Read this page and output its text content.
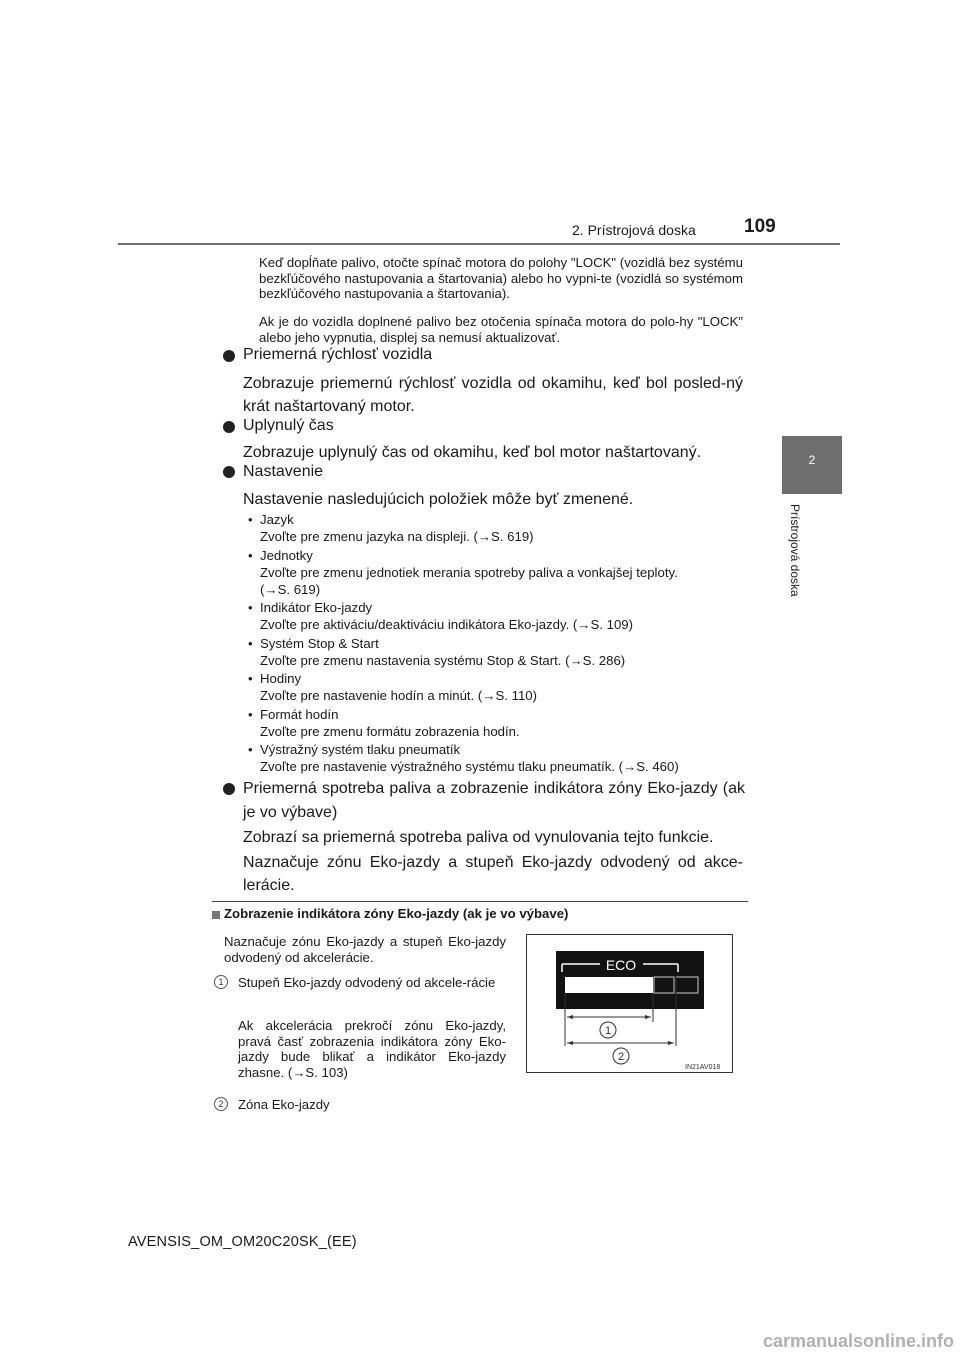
2. Prístrojová doska	109
2
Prístrojová doska
Keď dopĺňate palivo, otočte spínač motora do polohy "LOCK" (vozidlá bez systému bezkľúčového nastupovania a štartovania) alebo ho vypni-te (vozidlá so systémom bezkľúčového nastupovania a štartovania).
Ak je do vozidla doplnené palivo bez otočenia spínača motora do polo-hy "LOCK" alebo jeho vypnutia, displej sa nemusí aktualizovať.
Priemerná rýchlosť vozidla
Zobrazuje priemernú rýchlosť vozidla od okamihu, keď bol posled-ný krát naštartovaný motor.
Uplynulý čas
Zobrazuje uplynulý čas od okamihu, keď bol motor naštartovaný.
Nastavenie
Nastavenie nasledujúcich položiek môže byť zmenené.
• Jazyk
Zvoľte pre zmenu jazyka na displeji. (→S. 619)
• Jednotky
Zvoľte pre zmenu jednotiek merania spotreby paliva a vonkajšej teploty.
(→S. 619)
• Indikátor Eko-jazdy
Zvoľte pre aktiváciu/deaktiváciu indikátora Eko-jazdy. (→S. 109)
• Systém Stop & Start
Zvoľte pre zmenu nastavenia systému Stop & Start. (→S. 286)
• Hodiny
Zvoľte pre nastavenie hodín a minút. (→S. 110)
• Formát hodín
Zvoľte pre zmenu formátu zobrazenia hodín.
• Výstražný systém tlaku pneumatík
Zvoľte pre nastavenie výstražného systému tlaku pneumatík. (→S. 460)
Priemerná spotreba paliva a zobrazenie indikátora zóny Eko-jazdy (ak je vo výbave)
Zobrazí sa priemerná spotreba paliva od vynulovania tejto funkcie.
Naznačuje zónu Eko-jazdy a stupeň Eko-jazdy odvodený od akce-lerácie.
Zobrazenie indikátora zóny Eko-jazdy (ak je vo výbave)
Naznačuje zónu Eko-jazdy a stupeň Eko-jazdy odvodený od akcelerácie.
1	Stupeň Eko-jazdy odvodený od akcele-rácie
Ak akcelerácia prekročí zónu Eko-jazdy, pravá časť zobrazenia indikátora zóny Eko-jazdy bude blikať a indikátor Eko-jazdy zhasne. (→S. 103)
2	Zóna Eko-jazdy
ECO
1
2
IN21AV018
AVENSIS_OM_OM20C20SK_(EE)
carmanualsonline.info
